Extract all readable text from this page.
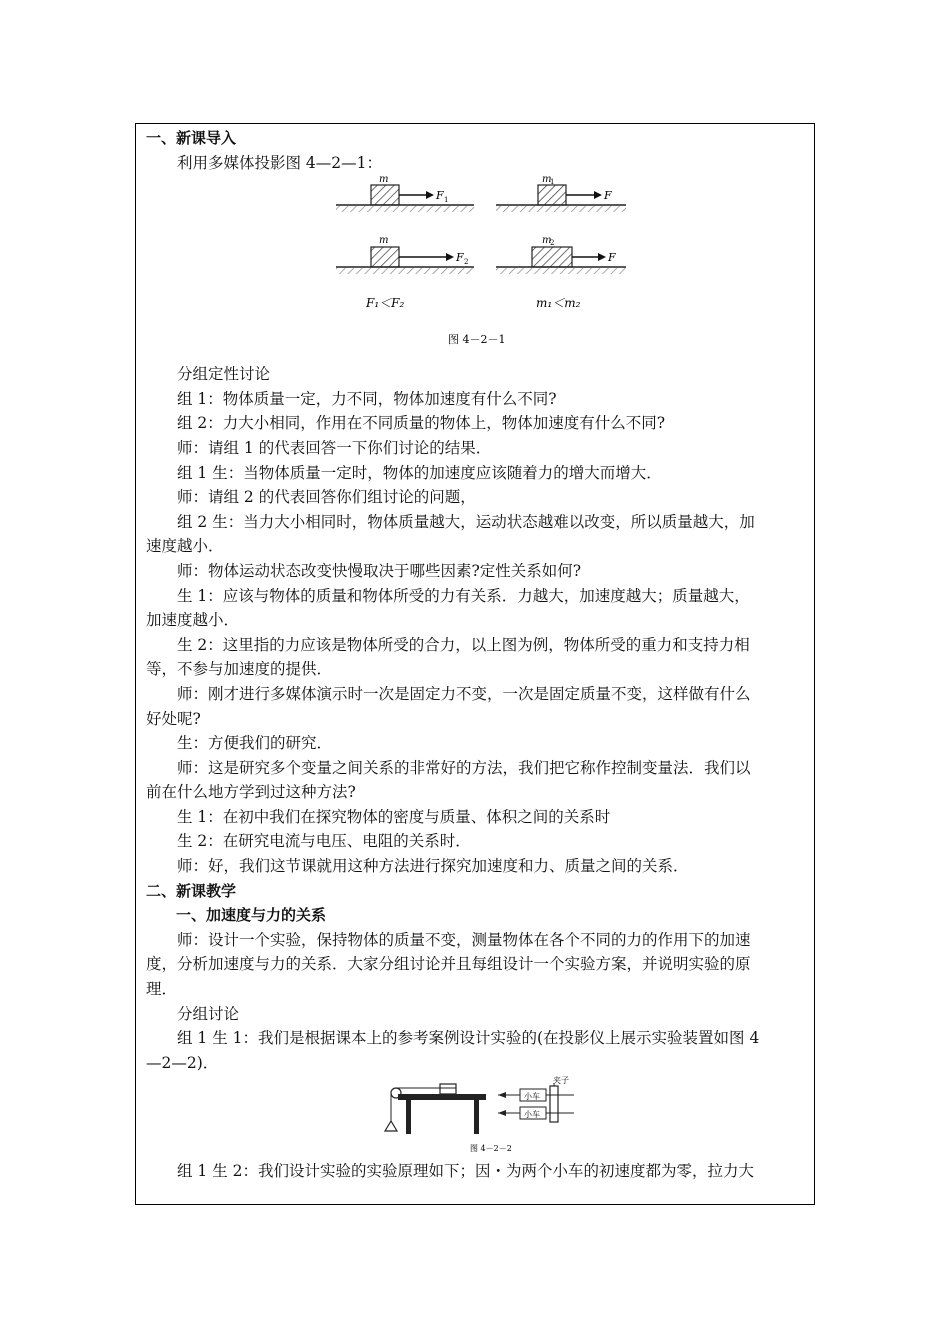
一、新课导入
利用多媒体投影图 4—2—1：
m
F 1
m
1
F
m
F 2
m
2
F
F₁＜F₂	m₁＜m₂
图 4－2－1
分组定性讨论
组 1：物体质量一定，力不同，物体加速度有什么不同?
组 2：力大小相同，作用在不同质量的物体上，物体加速度有什么不同?
师：请组 1 的代表回答一下你们讨论的结果．
组 1 生：当物体质量一定时，物体的加速度应该随着力的增大而增大．
师：请组 2 的代表回答你们组讨论的问题，
组 2 生：当力大小相同时，物体质量越大，运动状态越难以改变，所以质量越大，加
速度越小．
师：物体运动状态改变快慢取决于哪些因素?定性关系如何?
生 1：应该与物体的质量和物体所受的力有关系．力越大，加速度越大；质量越大，
加速度越小．
生 2：这里指的力应该是物体所受的合力，以上图为例，物体所受的重力和支持力相
等，不参与加速度的提供．
师：刚才进行多媒体演示时一次是固定力不变，一次是固定质量不变，这样做有什么
好处呢?
生：方便我们的研究．
师：这是研究多个变量之间关系的非常好的方法，我们把它称作控制变量法．我们以
前在什么地方学到过这种方法?
生 1：在初中我们在探究物体的密度与质量、体积之间的关系时
生 2：在研究电流与电压、电阻的关系时．
师：好，我们这节课就用这种方法进行探究加速度和力、质量之间的关系．
二、新课教学
一、加速度与力的关系
师：设计一个实验，保持物体的质量不变，测量物体在各个不同的力的作用下的加速
度，分析加速度与力的关系．大家分组讨论并且每组设计一个实验方案，并说明实验的原
理．
分组讨论
组 1 生 1：我们是根据课本上的参考案例设计实验的(在投影仪上展示实验装置如图 4
—2—2)．
夹子
小车
小车
图 4－2－2
组 1 生 2：我们设计实验的实验原理如下；因・为两个小车的初速度都为零，拉力大
